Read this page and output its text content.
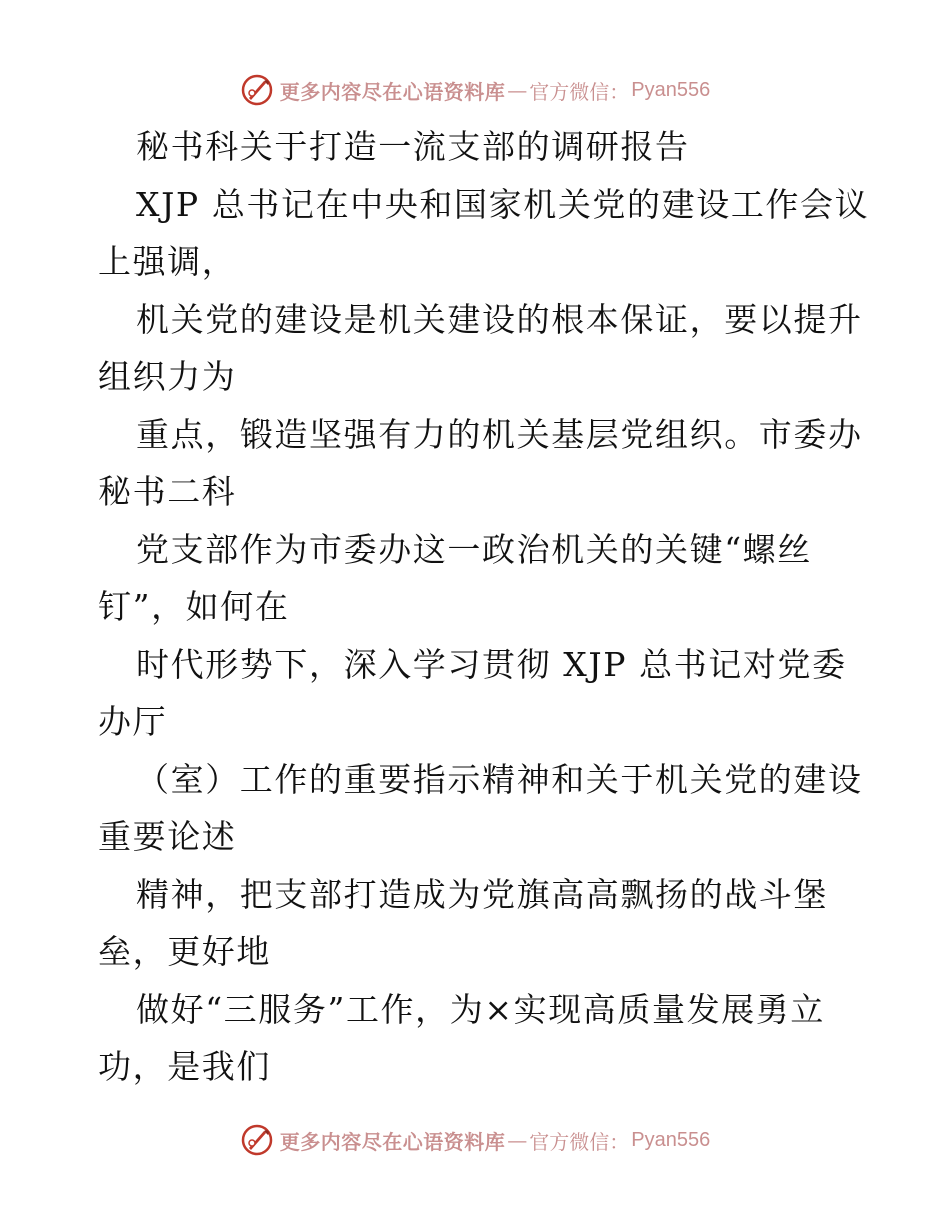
更多内容尽在心语资料库 — 官方微信： Pyan556
秘书科关于打造一流支部的调研报告
XJP 总书记在中央和国家机关党的建设工作会议
上强调，
机关党的建设是机关建设的根本保证，要以提升
组织力为
重点，锻造坚强有力的机关基层党组织。市委办
秘书二科
党支部作为市委办这一政治机关的关键“螺丝
钉”，如何在
时代形势下，深入学习贯彻 XJP 总书记对党委
办厅
（室）工作的重要指示精神和关于机关党的建设
重要论述
精神，把支部打造成为党旗高高飘扬的战斗堡
垒，更好地
做好“三服务”工作，为×实现高质量发展勇立
功，是我们
更多内容尽在心语资料库 — 官方微信： Pyan556
